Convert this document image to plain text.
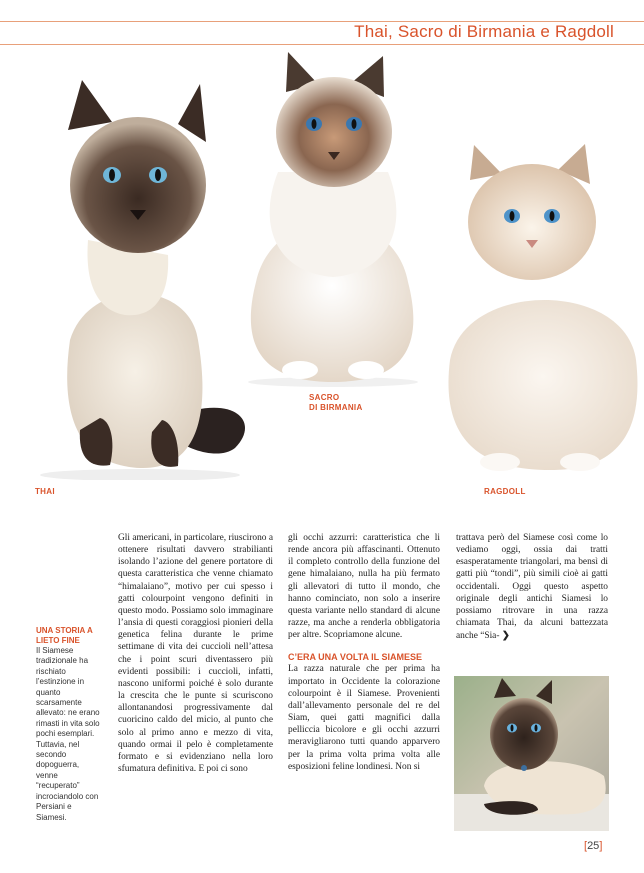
Thai, Sacro di Birmania e Ragdoll
THAI
SACRO
DI BIRMANIA
RAGDOLL
UNA STORIA A LIETO FINE
Il Siamese tradizionale ha rischiato l’estinzione in quanto scarsamente allevato: ne erano rimasti in vita solo pochi esemplari. Tuttavia, nel secondo dopoguerra, venne “recuperato” incrociandolo con Persiani e Siamesi.

Gli americani, in particolare, riuscirono a ottenere risultati davvero strabilianti isolando l’azione del genere portatore di questa caratteristica che venne chiamato “himalaiano”, motivo per cui spesso i gatti colourpoint vengono definiti in questo modo. Possiamo solo immaginare l’ansia di questi coraggiosi pionieri della genetica felina durante le prime settimane di vita dei cuccioli nell’attesa che i point scuri diventassero più evidenti possibili: i cuccioli, infatti, nascono uniformi poiché è solo durante la crescita che le punte si scuriscono allontanandosi progressivamente dal cuoricino caldo del micio, al punto che solo al primo anno e mezzo di vita, quando ormai il pelo è completamente formato e si evidenziano nella loro sfumatura definitiva. E poi ci sono

gli occhi azzurri: caratteristica che li rende ancora più affascinanti. Ottenuto il completo controllo della funzione del gene himalaiano, nulla ha più fermato gli allevatori di tutto il mondo, che hanno cominciato, non solo a inserire questa variante nello standard di alcune razze, ma anche a renderla obbligatoria per altre. Scopriamone alcune.

C’ERA UNA VOLTA IL SIAMESE

La razza naturale che per prima ha importato in Occidente la colorazione colourpoint è il Siamese. Provenienti dall’allevamento personale del re del Siam, quei gatti magnifici dalla pelliccia bicolore e gli occhi azzurri meravigliarono tutti quando apparvero per la prima volta prima volta alle esposizioni feline londinesi. Non si

trattava però del Siamese così come lo vediamo oggi, ossia dai tratti esasperatamente triangolari, ma bensì di gatti più “tondi”, più simili cioè ai gatti occidentali. Oggi questo aspetto originale degli antichi Siamesi lo possiamo ritrovare in una razza chiamata Thai, da alcuni battezzata anche “Sia- ❯

[25]
